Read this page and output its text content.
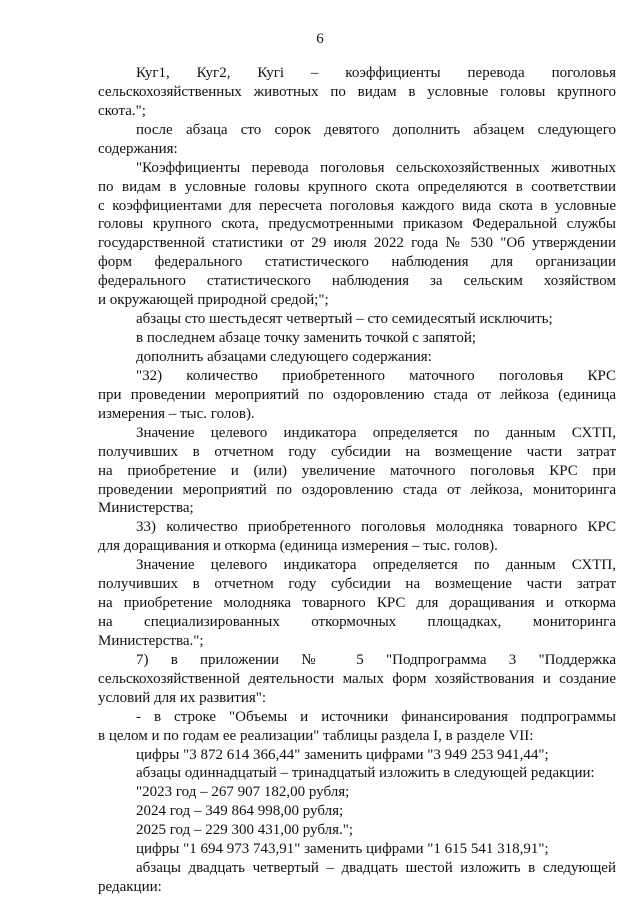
6
Куг1, Куг2, Кугi – коэффициенты перевода поголовья
сельскохозяйственных животных по видам в условные головы крупного
скота.";
после абзаца сто сорок девятого дополнить абзацем следующего
содержания:
"Коэффициенты перевода поголовья сельскохозяйственных животных
по видам в условные головы крупного скота определяются в соответствии
с коэффициентами для пересчета поголовья каждого вида скота в условные
головы крупного скота, предусмотренными приказом Федеральной службы
государственной статистики от 29 июля 2022 года № 530 "Об утверждении
форм федерального статистического наблюдения для организации
федерального статистического наблюдения за сельским хозяйством
и окружающей природной средой;";
абзацы сто шестьдесят четвертый – сто семидесятый исключить;
в последнем абзаце точку заменить точкой с запятой;
дополнить абзацами следующего содержания:
"32) количество приобретенного маточного поголовья КРС
при проведении мероприятий по оздоровлению стада от лейкоза (единица
измерения – тыс. голов).
Значение целевого индикатора определяется по данным СХТП,
получивших в отчетном году субсидии на возмещение части затрат
на приобретение и (или) увеличение маточного поголовья КРС при
проведении мероприятий по оздоровлению стада от лейкоза, мониторинга
Министерства;
33) количество приобретенного поголовья молодняка товарного КРС
для доращивания и откорма (единица измерения – тыс. голов).
Значение целевого индикатора определяется по данным СХТП,
получивших в отчетном году субсидии на возмещение части затрат
на приобретение молодняка товарного КРС для доращивания и откорма
на специализированных откормочных площадках, мониторинга
Министерства.";
7) в приложении № 5 "Подпрограмма 3 "Поддержка
сельскохозяйственной деятельности малых форм хозяйствования и создание
условий для их развития":
- в строке "Объемы и источники финансирования подпрограммы
в целом и по годам ее реализации" таблицы раздела I, в разделе VII:
цифры "3 872 614 366,44" заменить цифрами "3 949 253 941,44";
абзацы одиннадцатый – тринадцатый изложить в следующей редакции:
"2023 год – 267 907 182,00 рубля;
2024 год – 349 864 998,00 рубля;
2025 год – 229 300 431,00 рубля.";
цифры "1 694 973 743,91" заменить цифрами "1 615 541 318,91";
абзацы двадцать четвертый – двадцать шестой изложить в следующей
редакции:
